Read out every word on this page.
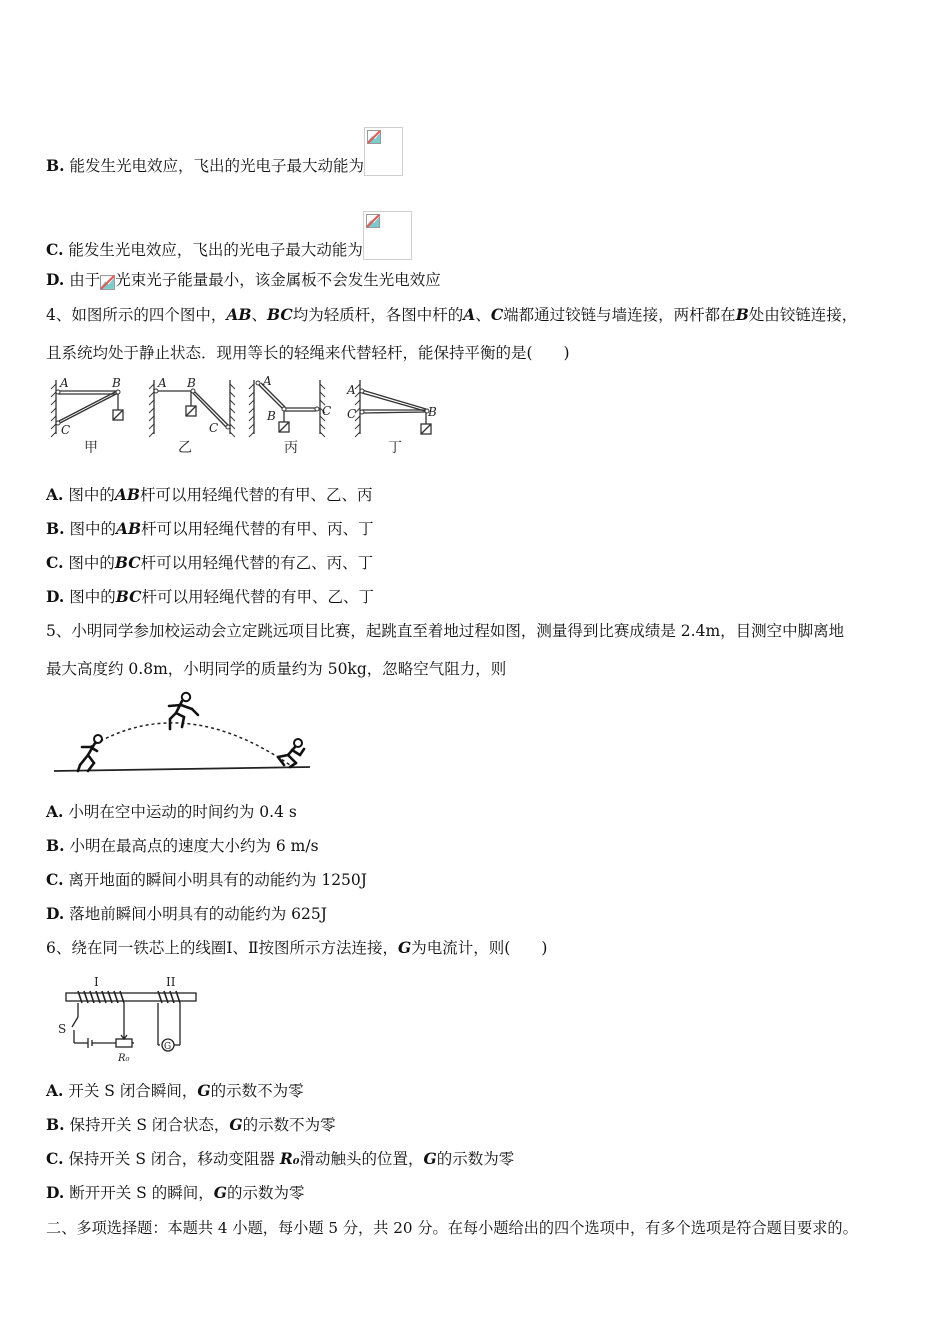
B. 能发生光电效应，飞出的光电子最大动能为
C. 能发生光电效应，飞出的光电子最大动能为
D. 由于 光束光子能量最小，该金属板不会发生光电效应
4、如图所示的四个图中，AB、BC均为轻质杆，各图中杆的A、C端都通过铰链与墙连接，两杆都在B处由铰链连接，
且系统均处于静止状态．现用等长的轻绳来代替轻杆，能保持平衡的是(　　)
A	B
C
A B
C
A
B	C
A
C	B
甲	乙	丙	丁
A. 图中的AB杆可以用轻绳代替的有甲、乙、丙
B. 图中的AB杆可以用轻绳代替的有甲、丙、丁
C. 图中的BC杆可以用轻绳代替的有乙、丙、丁
D. 图中的BC杆可以用轻绳代替的有甲、乙、丁
5、小明同学参加校运动会立定跳远项目比赛，起跳直至着地过程如图，测量得到比赛成绩是 2.4m，目测空中脚离地
最大高度约 0.8m，小明同学的质量约为 50kg，忽略空气阻力，则
A. 小明在空中运动的时间约为 0.4 s
B. 小明在最高点的速度大小约为 6 m/s
C. 离开地面的瞬间小明具有的动能约为 1250J
D. 落地前瞬间小明具有的动能约为 625J
6、绕在同一铁芯上的线圈Ⅰ、Ⅱ按图所示方法连接，G为电流计，则(　　)
I	II
S
R₀
G
A. 开关 S 闭合瞬间，G的示数不为零
B. 保持开关 S 闭合状态，G的示数不为零
C. 保持开关 S 闭合，移动变阻器 R₀滑动触头的位置，G的示数为零
D. 断开开关 S 的瞬间，G的示数为零
二、多项选择题：本题共 4 小题，每小题 5 分，共 20 分。在每小题给出的四个选项中，有多个选项是符合题目要求的。
